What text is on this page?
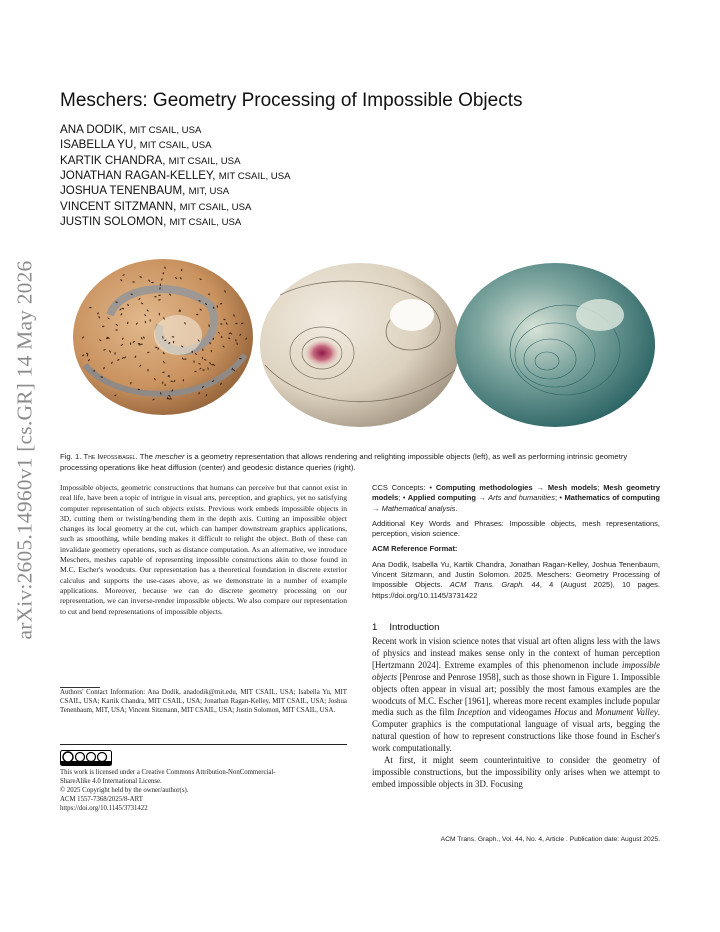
arXiv:2605.14960v1 [cs.GR] 14 May 2026
Meschers: Geometry Processing of Impossible Objects
ANA DODIK, MIT CSAIL, USA
ISABELLA YU, MIT CSAIL, USA
KARTIK CHANDRA, MIT CSAIL, USA
JONATHAN RAGAN-KELLEY, MIT CSAIL, USA
JOSHUA TENENBAUM, MIT, USA
VINCENT SITZMANN, MIT CSAIL, USA
JUSTIN SOLOMON, MIT CSAIL, USA
Fig. 1. The Impossibagel. The mescher is a geometry representation that allows rendering and relighting impossible objects (left), as well as performing intrinsic geometry processing operations like heat diffusion (center) and geodesic distance queries (right).
Impossible objects, geometric constructions that humans can perceive but that cannot exist in real life, have been a topic of intrigue in visual arts, perception, and graphics, yet no satisfying computer representation of such objects exists. Previous work embeds impossible objects in 3D, cutting them or twisting/bending them in the depth axis. Cutting an impossible object changes its local geometry at the cut, which can hamper downstream graphics applications, such as smoothing, while bending makes it difficult to relight the object. Both of these can invalidate geometry operations, such as distance computation. As an alternative, we introduce Meschers, meshes capable of representing impossible constructions akin to those found in M.C. Escher's woodcuts. Our representation has a theoretical foundation in discrete exterior calculus and supports the use-cases above, as we demonstrate in a number of example applications. Moreover, because we can do discrete geometry processing on our representation, we can inverse-render impossible objects. We also compare our representation to cut and bend representations of impossible objects.

CCS Concepts: • Computing methodologies → Mesh models; Mesh geometry models; • Applied computing → Arts and humanities; • Mathematics of computing → Mathematical analysis.

Additional Key Words and Phrases: Impossible objects, mesh representations, perception, vision science.

ACM Reference Format:

Ana Dodik, Isabella Yu, Kartik Chandra, Jonathan Ragan-Kelley, Joshua Tenenbaum, Vincent Sitzmann, and Justin Solomon. 2025. Meschers: Geometry Processing of Impossible Objects. ACM Trans. Graph. 44, 4 (August 2025), 10 pages. https://doi.org/10.1145/3731422

1 Introduction

Recent work in vision science notes that visual art often aligns less with the laws of physics and instead makes sense only in the context of human perception [Hertzmann 2024]. Extreme examples of this phenomenon include impossible objects [Penrose and Penrose 1958], such as those shown in Figure 1. Impossible objects often appear in visual art; possibly the most famous examples are the woodcuts of M.C. Escher [1961], whereas more recent examples include popular media such as the film Inception and videogames Hocus and Monument Valley. Computer graphics is the computational language of visual arts, begging the natural question of how to represent constructions like those found in Escher's work computationally.

At first, it might seem counterintuitive to consider the geometry of impossible constructions, but the impossibility only arises when we attempt to embed impossible objects in 3D. Focusing

Authors' Contact Information: Ana Dodik, anadodik@mit.edu, MIT CSAIL, USA; Isabella Yu, MIT CSAIL, USA; Kartik Chandra, MIT CSAIL, USA; Jonathan Ragan-Kelley, MIT CSAIL, USA; Joshua Tenenbaum, MIT, USA; Vincent Sitzmann, MIT CSAIL, USA; Justin Solomon, MIT CSAIL, USA.
This work is licensed under a Creative Commons Attribution-NonCommercial-
ShareAlike 4.0 International License.
© 2025 Copyright held by the owner/author(s).
ACM 1557-7368/2025/8-ART
https://doi.org/10.1145/3731422
ACM Trans. Graph., Vol. 44, No. 4, Article . Publication date: August 2025.
